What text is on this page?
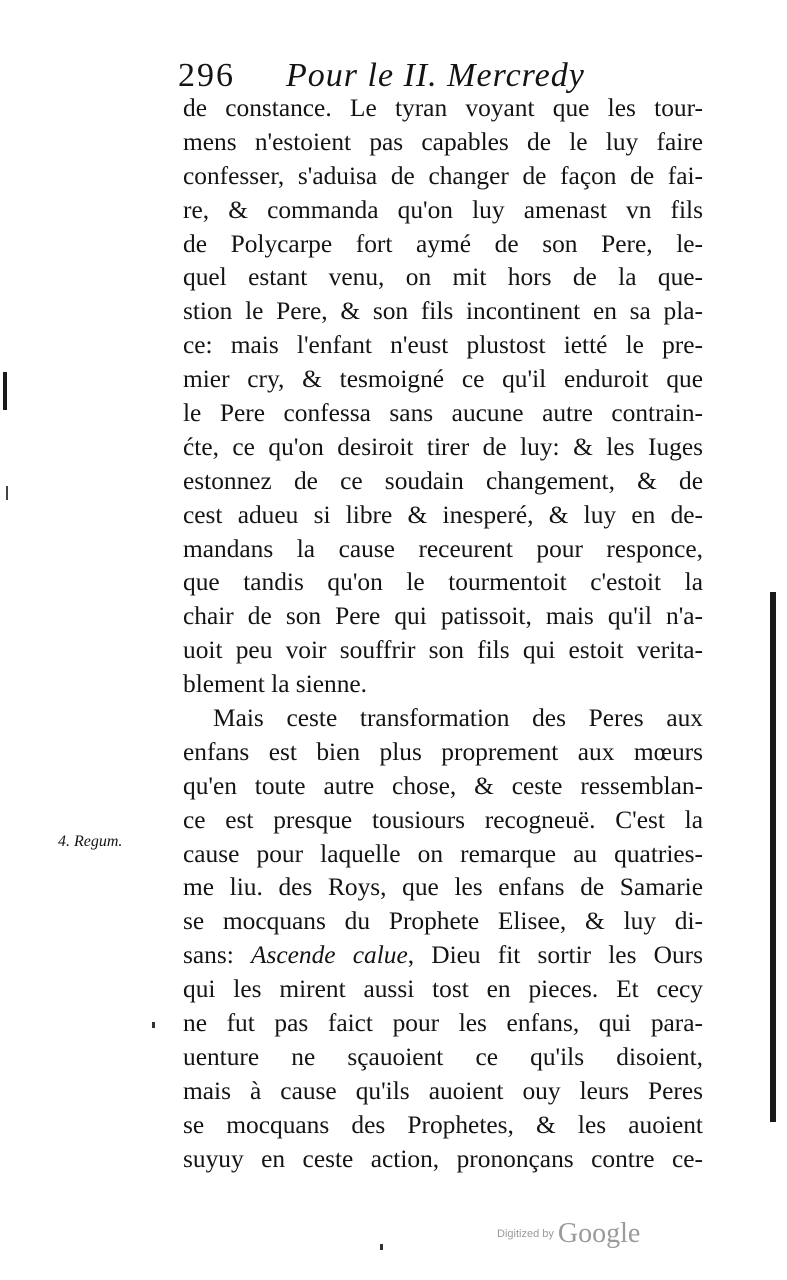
296 Pour le II. Mercredy
de constance. Le tyran voyant que les tour-
mens n'estoient pas capables de le luy faire
confesser, s'aduisa de changer de façon de fai-
re, & commanda qu'on luy amenast vn fils
de Polycarpe fort aymé de son Pere, le-
quel estant venu, on mit hors de la que-
stion le Pere, & son fils incontinent en sa pla-
ce: mais l'enfant n'eust plustost ietté le pre-
mier cry, & tesmoigné ce qu'il enduroit que
le Pere confessa sans aucune autre contrain-
ćte, ce qu'on desiroit tirer de luy: & les Iuges
estonnez de ce soudain changement, & de
cest adueu si libre & inesperé, & luy en de-
mandans la cause receurent pour responce,
que tandis qu'on le tourmentoit c'estoit la
chair de son Pere qui patissoit, mais qu'il n'a-
uoit peu voir souffrir son fils qui estoit verita-
blement la sienne.
Mais ceste transformation des Peres aux
enfans est bien plus proprement aux mœurs
qu'en toute autre chose, & ceste ressemblan-
ce est presque tousiours recogneuë. C'est la
cause pour laquelle on remarque au quatries-
me liu. des Roys, que les enfans de Samarie
se mocquans du Prophete Elisee, & luy di-
sans: Ascende calue, Dieu fit sortir les Ours
qui les mirent aussi tost en pieces. Et cecy
ne fut pas faict pour les enfans, qui para-
uenture ne sçauoient ce qu'ils disoient,
mais à cause qu'ils auoient ouy leurs Peres
se mocquans des Prophetes, & les auoient
suyuy en ceste action, prononçans contre ce-
4. Regum.
Digitized by Google
